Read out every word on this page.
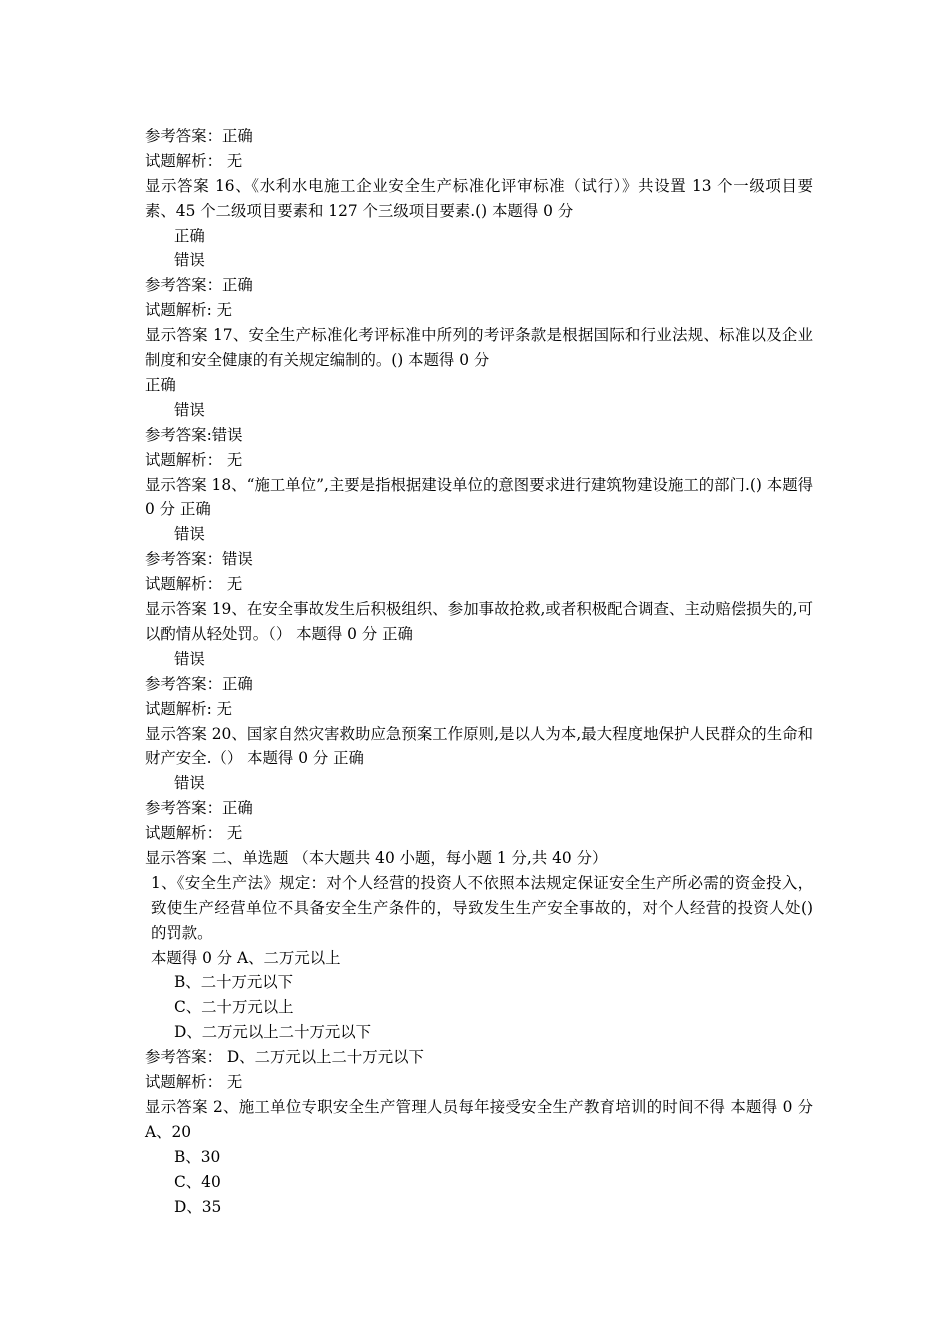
参考答案：正确
试题解析： 无
显示答案 16、《水利水电施工企业安全生产标准化评审标准（试行）》共设置 13 个一级项目要素、45 个二级项目要素和 127 个三级项目要素.() 本题得 0 分
正确
错误
参考答案：正确
试题解析: 无
显示答案 17、安全生产标准化考评标准中所列的考评条款是根据国际和行业法规、标准以及企业制度和安全健康的有关规定编制的。() 本题得 0 分
正确
错误
参考答案:错误
试题解析： 无
显示答案 18、“施工单位”,主要是指根据建设单位的意图要求进行建筑物建设施工的部门.() 本题得 0 分 正确
错误
参考答案：错误
试题解析： 无
显示答案 19、在安全事故发生后积极组织、参加事故抢救,或者积极配合调查、主动赔偿损失的,可以酌情从轻处罚。（） 本题得 0 分 正确
错误
参考答案：正确
试题解析: 无
显示答案 20、国家自然灾害救助应急预案工作原则,是以人为本,最大程度地保护人民群众的生命和财产安全.（） 本题得 0 分 正确
错误
参考答案：正确
试题解析： 无
显示答案 二、单选题 （本大题共 40 小题，每小题 1 分,共 40 分）
1、《安全生产法》规定：对个人经营的投资人不依照本法规定保证安全生产所必需的资金投入，致使生产经营单位不具备安全生产条件的，导致发生生产安全事故的，对个人经营的投资人处() 的罚款。
本题得 0 分 A、二万元以上
B、二十万元以下
C、二十万元以上
D、二万元以上二十万元以下
参考答案： D、二万元以上二十万元以下
试题解析： 无
显示答案 2、施工单位专职安全生产管理人员每年接受安全生产教育培训的时间不得 本题得 0 分 A、20
B、30
C、40
D、35
